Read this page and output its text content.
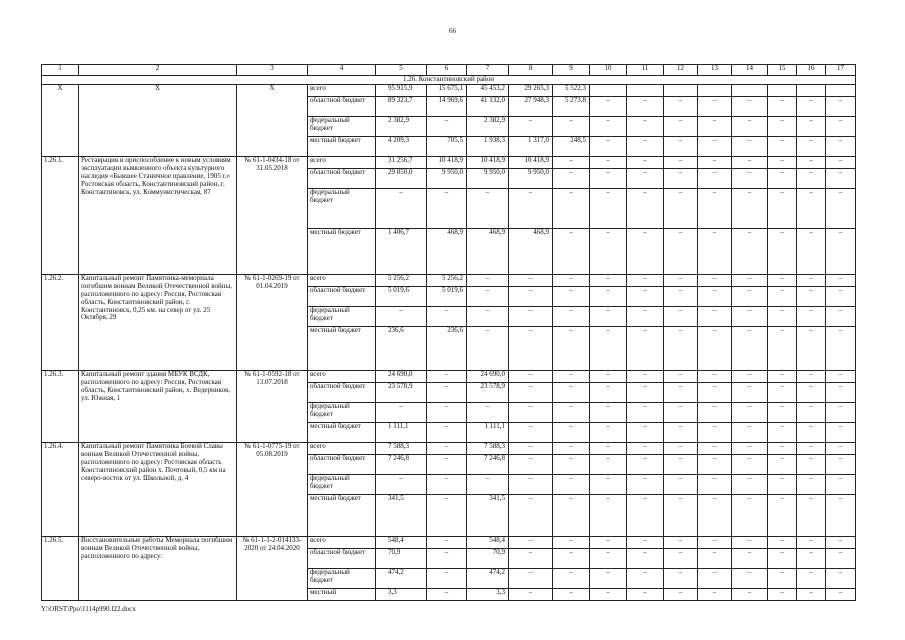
66
1	2	3	4	5	6	7	8	9	10	11	12	13	14	15	16	17
1.26. Константиновский район																
X	X	X	всего	95 915,9	15 675,1	45 453,2	29 265,3	5 522,3								
			областной бюджет	89 323,7	14 969,6	41 132,0	27 948,3	5 273,8	–	–	–	–	–	–	–	–
			федеральный бюджет	2 382,9	–	2 382,9	–	–	–	–	–	–	–	–	–	–
			местный бюджет	4 209,3	705,5	1 938,3	1 317,0	248,5	–	–	–	–	–	–	–	–
1.26.1.	Реставрация и приспособление к новым условиям эксплуатации выявленного объекта культурного наследия «Бывшее Станичное правление, 1905 г.» Ростовская область, Константиновский район, г. Константиновск, ул. Коммунистическая, 87	№ 61-1-0434-18 от 31.05.2018	всего	31 256,7	10 418,9	10 418,9	10 418,9	–	–	–	–	–	–	–	–	–
			областной бюджет	29 850,0	9 950,0	9 950,0	9 950,0	–	–	–	–	–	–	–	–	–
			федеральный бюджет	–	–	–	–	–	–	–	–	–	–	–	–	–
			местный бюджет	1 406,7	468,9	468,9	468,9	–	–	–	–	–	–	–	–	–
1.26.2.	Капитальный ремонт Памятника-мемориала погибшим воинам Великой Отечественной войны, расположенного по адресу: Россия, Ростовская область, Константиновский район, г. Константиновск, 0,25 км. на север от ул. 25 Октября, 29	№ 61-1-0269-19 от 01.04.2019	всего	5 256,2	5 256,2	–	–	–	–	–	–	–	–	–	–	–
			областной бюджет	5 019,6	5 019,6	–	–	–	–	–	–	–	–	–	–	–
			федеральный бюджет	–	–	–	–	–	–	–	–	–	–	–	–	–
			местный бюджет	236,6	236,6	–	–	–	–	–	–	–	–	–	–	–
1.26.3.	Капитальный ремонт здания МБУК ВСДК, расположенного по адресу: Россия, Ростовская область, Константиновский район, х. Ведерников, ул. Южная, 1	№ 61-1-0592-18 от 13.07.2018	всего	24 690,0	–	24 690,0	–	–	–	–	–	–	–	–	–	–
			областной бюджет	23 578,9	–	23 578,9	–	–	–	–	–	–	–	–	–	–
			федеральный бюджет	–	–	–	–	–	–	–	–	–	–	–	–	–
			местный бюджет	1 111,1	–	1 111,1	–	–	–	–	–	–	–	–	–	–
1.26.4.	Капитальный ремонт Памятника Боевой Славы воинам Великой Отечественной войны, расположенного по адресу: Ростовская область Константиновский район х. Почтовый, 0,5 км на северо-восток от ул. Школьной, д. 4	№ 61-1-0775-19 от 05.08.2019	всего	7 588,3	–	7 588,3	–	–	–	–	–	–	–	–	–	–
			областной бюджет	7 246,8	–	7 246,8	–	–	–	–	–	–	–	–	–	–
			федеральный бюджет	–	–	–	–	–	–	–	–	–	–	–	–	–
			местный бюджет	341,5	–	341,5	–	–	–	–	–	–	–	–	–	–
1.26.5.	Восстановительные работы Мемориала погибшим воинам Великой Отечественной войны, расположенного по адресу:	№ 61-1-1-2-014133-2020 от 24.04.2020	всего	548,4	–	548,4	–	–	–	–	–	–	–	–	–	–
			областной бюджет	70,9	–	70,9	–	–	–	–	–	–	–	–	–	–
			федеральный бюджет	474,2	–	474,2	–	–	–	–	–	–	–	–	–	–
			местный	3,3	–	3,3	–	–	–	–	–	–	–	–	–	–
Y:\ORST\Ppo\1114p990.f22.docx
